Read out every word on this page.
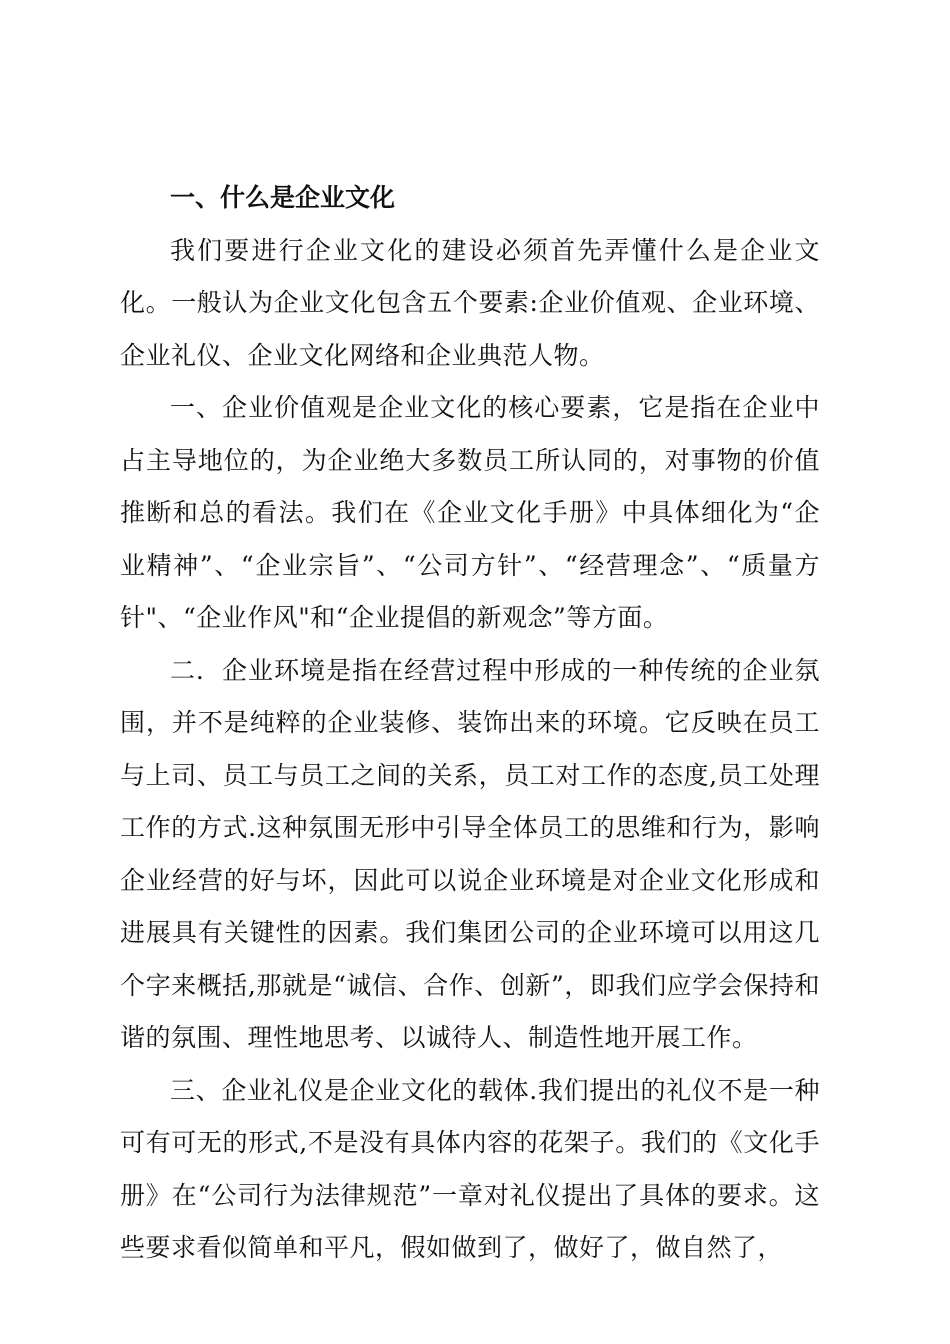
一、什么是企业文化

我们要进行企业文化的建设必须首先弄懂什么是企业文化。一般认为企业文化包含五个要素:企业价值观、企业环境、企业礼仪、企业文化网络和企业典范人物。

一、企业价值观是企业文化的核心要素，它是指在企业中占主导地位的，为企业绝大多数员工所认同的，对事物的价值推断和总的看法。我们在《企业文化手册》中具体细化为“企业精神”、“企业宗旨”、“公司方针”、“经营理念”、“质量方针"、“企业作风"和“企业提倡的新观念”等方面。

二．企业环境是指在经营过程中形成的一种传统的企业氛围，并不是纯粹的企业装修、装饰出来的环境。它反映在员工与上司、员工与员工之间的关系，员工对工作的态度,员工处理工作的方式.这种氛围无形中引导全体员工的思维和行为，影响企业经营的好与坏，因此可以说企业环境是对企业文化形成和进展具有关键性的因素。我们集团公司的企业环境可以用这几个字来概括,那就是“诚信、合作、创新”，即我们应学会保持和谐的氛围、理性地思考、以诚待人、制造性地开展工作。

三、企业礼仪是企业文化的载体.我们提出的礼仪不是一种可有可无的形式,不是没有具体内容的花架子。我们的《文化手册》在“公司行为法律规范”一章对礼仪提出了具体的要求。这些要求看似简单和平凡，假如做到了，做好了，做自然了，
